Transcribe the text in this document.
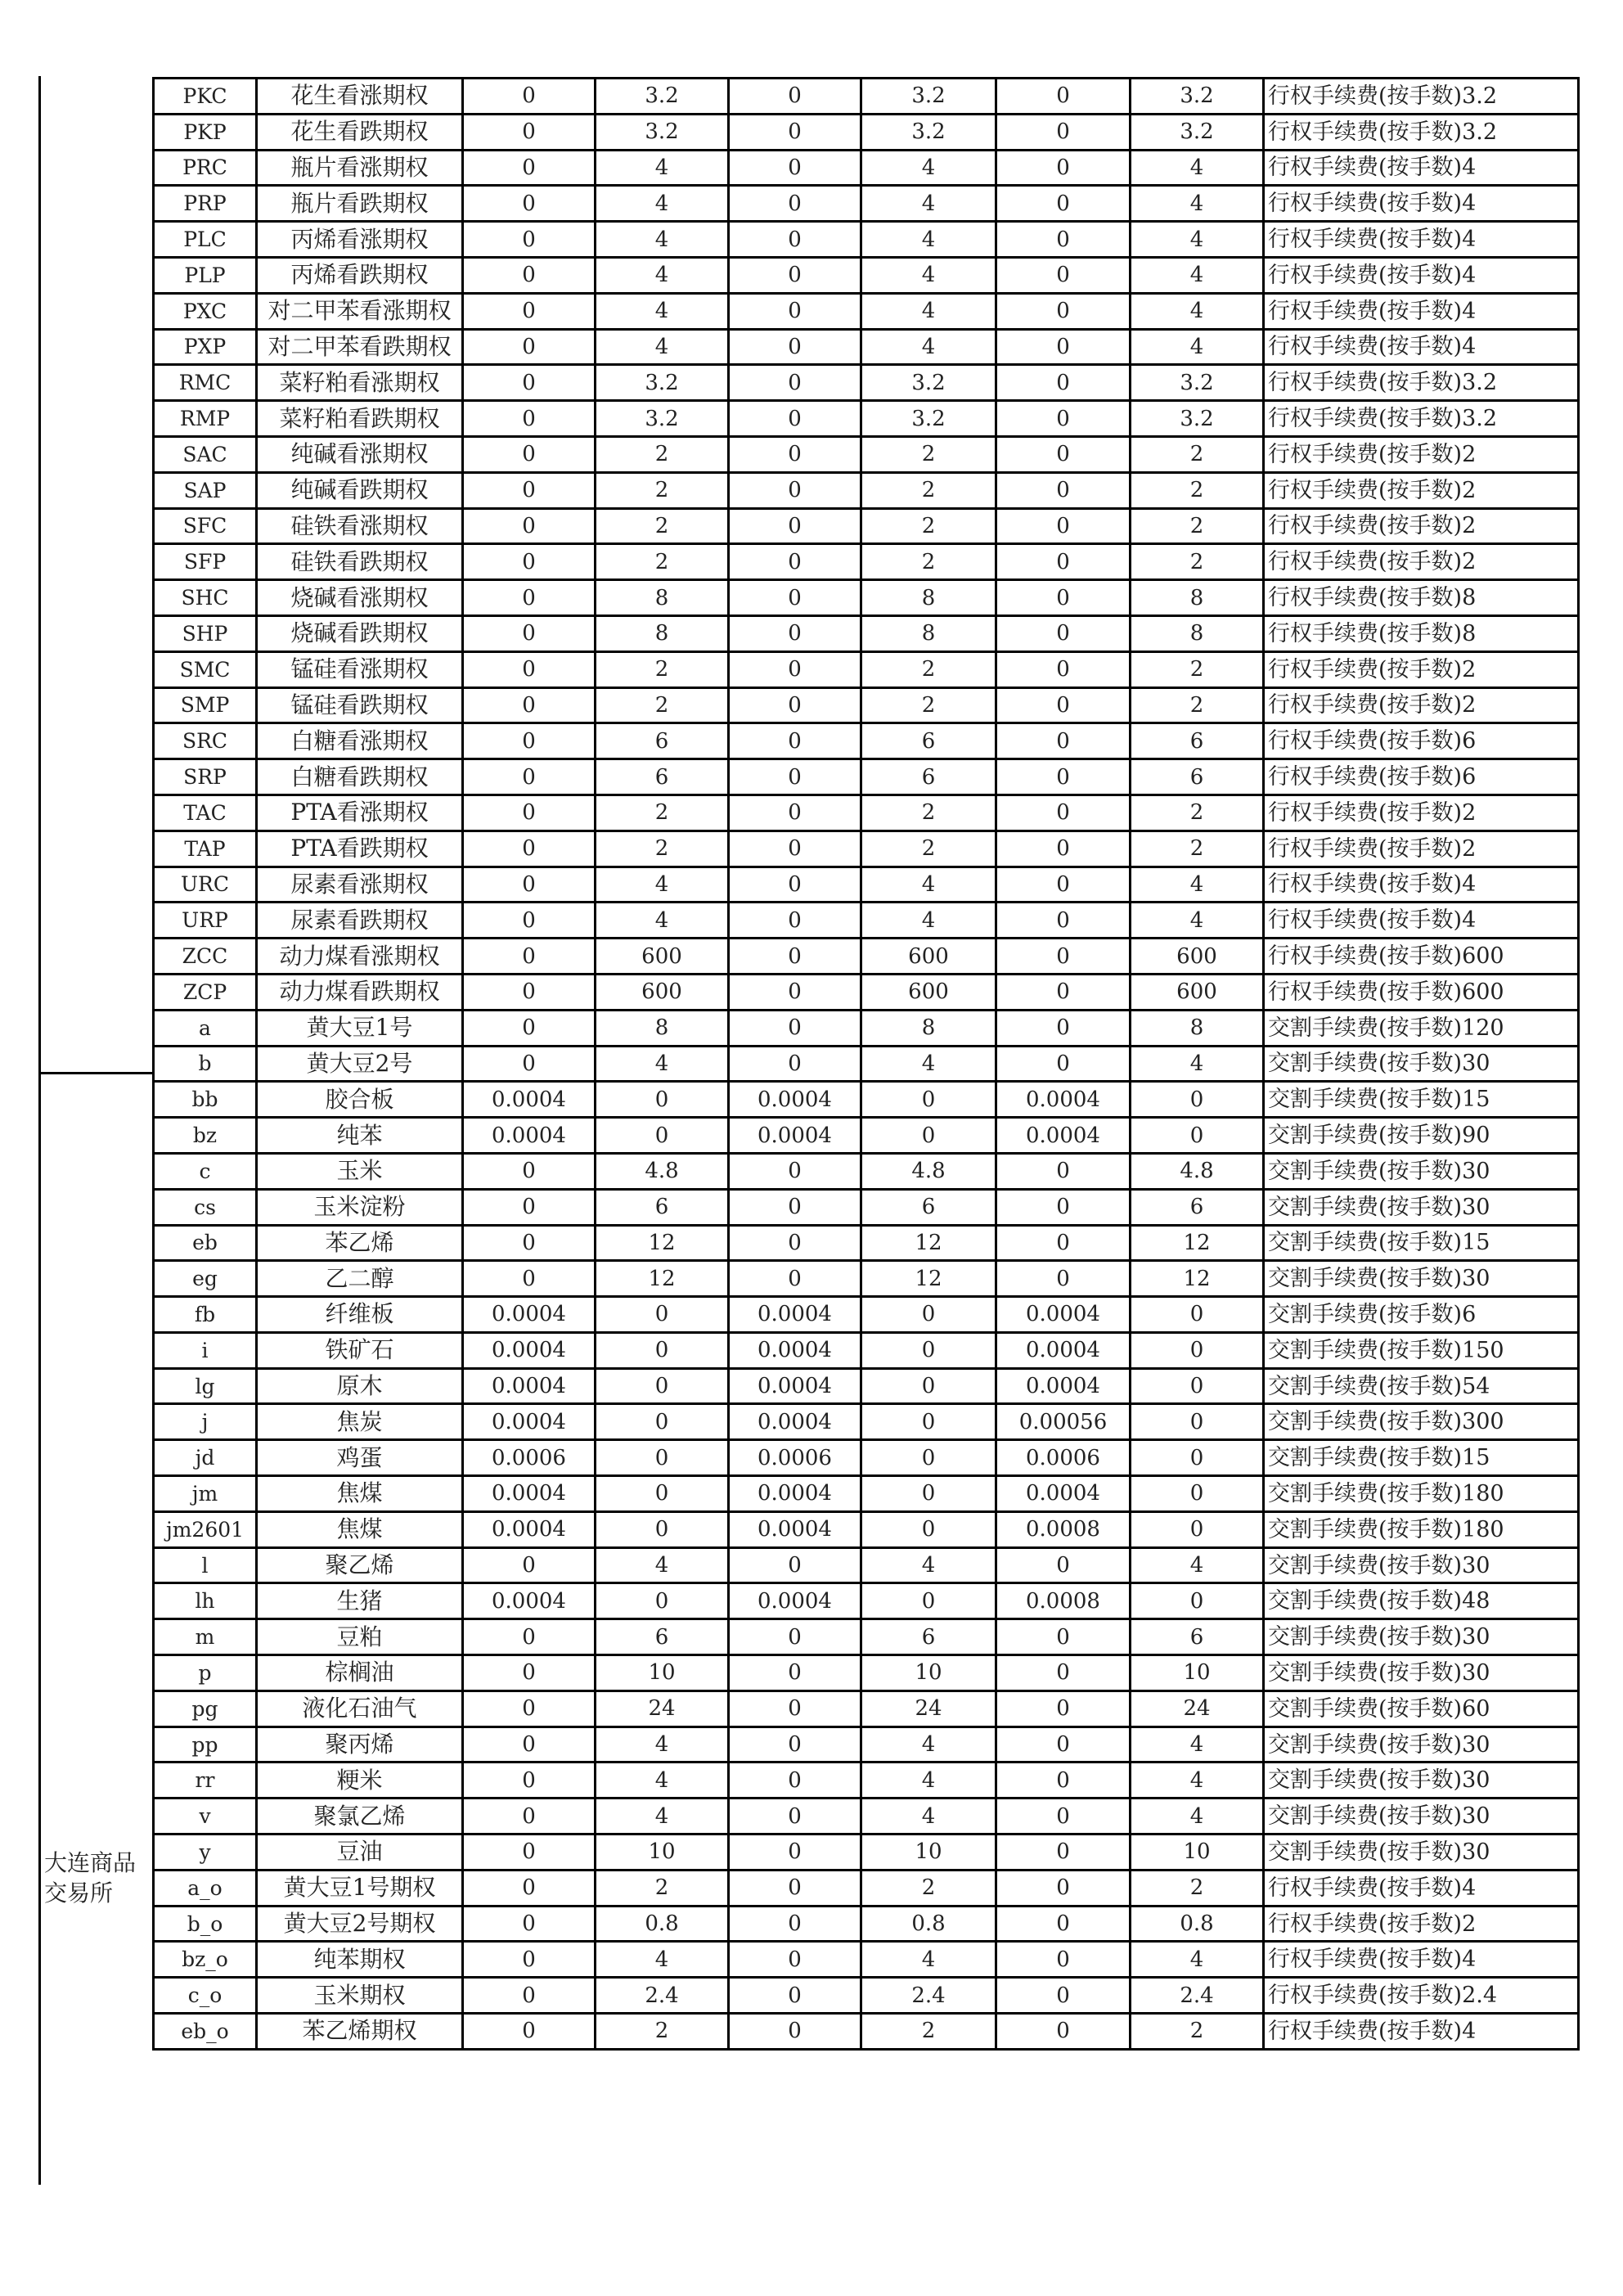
大连商品
交易所
PKC	花生看涨期权	0	3.2	0	3.2	0	3.2	行权手续费(按手数)3.2
PKP	花生看跌期权	0	3.2	0	3.2	0	3.2	行权手续费(按手数)3.2
PRC	瓶片看涨期权	0	4	0	4	0	4	行权手续费(按手数)4
PRP	瓶片看跌期权	0	4	0	4	0	4	行权手续费(按手数)4
PLC	丙烯看涨期权	0	4	0	4	0	4	行权手续费(按手数)4
PLP	丙烯看跌期权	0	4	0	4	0	4	行权手续费(按手数)4
PXC	对二甲苯看涨期权	0	4	0	4	0	4	行权手续费(按手数)4
PXP	对二甲苯看跌期权	0	4	0	4	0	4	行权手续费(按手数)4
RMC	菜籽粕看涨期权	0	3.2	0	3.2	0	3.2	行权手续费(按手数)3.2
RMP	菜籽粕看跌期权	0	3.2	0	3.2	0	3.2	行权手续费(按手数)3.2
SAC	纯碱看涨期权	0	2	0	2	0	2	行权手续费(按手数)2
SAP	纯碱看跌期权	0	2	0	2	0	2	行权手续费(按手数)2
SFC	硅铁看涨期权	0	2	0	2	0	2	行权手续费(按手数)2
SFP	硅铁看跌期权	0	2	0	2	0	2	行权手续费(按手数)2
SHC	烧碱看涨期权	0	8	0	8	0	8	行权手续费(按手数)8
SHP	烧碱看跌期权	0	8	0	8	0	8	行权手续费(按手数)8
SMC	锰硅看涨期权	0	2	0	2	0	2	行权手续费(按手数)2
SMP	锰硅看跌期权	0	2	0	2	0	2	行权手续费(按手数)2
SRC	白糖看涨期权	0	6	0	6	0	6	行权手续费(按手数)6
SRP	白糖看跌期权	0	6	0	6	0	6	行权手续费(按手数)6
TAC	PTA看涨期权	0	2	0	2	0	2	行权手续费(按手数)2
TAP	PTA看跌期权	0	2	0	2	0	2	行权手续费(按手数)2
URC	尿素看涨期权	0	4	0	4	0	4	行权手续费(按手数)4
URP	尿素看跌期权	0	4	0	4	0	4	行权手续费(按手数)4
ZCC	动力煤看涨期权	0	600	0	600	0	600	行权手续费(按手数)600
ZCP	动力煤看跌期权	0	600	0	600	0	600	行权手续费(按手数)600
a	黄大豆1号	0	8	0	8	0	8	交割手续费(按手数)120
b	黄大豆2号	0	4	0	4	0	4	交割手续费(按手数)30
bb	胶合板	0.0004	0	0.0004	0	0.0004	0	交割手续费(按手数)15
bz	纯苯	0.0004	0	0.0004	0	0.0004	0	交割手续费(按手数)90
c	玉米	0	4.8	0	4.8	0	4.8	交割手续费(按手数)30
cs	玉米淀粉	0	6	0	6	0	6	交割手续费(按手数)30
eb	苯乙烯	0	12	0	12	0	12	交割手续费(按手数)15
eg	乙二醇	0	12	0	12	0	12	交割手续费(按手数)30
fb	纤维板	0.0004	0	0.0004	0	0.0004	0	交割手续费(按手数)6
i	铁矿石	0.0004	0	0.0004	0	0.0004	0	交割手续费(按手数)150
lg	原木	0.0004	0	0.0004	0	0.0004	0	交割手续费(按手数)54
j	焦炭	0.0004	0	0.0004	0	0.00056	0	交割手续费(按手数)300
jd	鸡蛋	0.0006	0	0.0006	0	0.0006	0	交割手续费(按手数)15
jm	焦煤	0.0004	0	0.0004	0	0.0004	0	交割手续费(按手数)180
jm2601	焦煤	0.0004	0	0.0004	0	0.0008	0	交割手续费(按手数)180
l	聚乙烯	0	4	0	4	0	4	交割手续费(按手数)30
lh	生猪	0.0004	0	0.0004	0	0.0008	0	交割手续费(按手数)48
m	豆粕	0	6	0	6	0	6	交割手续费(按手数)30
p	棕榈油	0	10	0	10	0	10	交割手续费(按手数)30
pg	液化石油气	0	24	0	24	0	24	交割手续费(按手数)60
pp	聚丙烯	0	4	0	4	0	4	交割手续费(按手数)30
rr	粳米	0	4	0	4	0	4	交割手续费(按手数)30
v	聚氯乙烯	0	4	0	4	0	4	交割手续费(按手数)30
y	豆油	0	10	0	10	0	10	交割手续费(按手数)30
a_o	黄大豆1号期权	0	2	0	2	0	2	行权手续费(按手数)4
b_o	黄大豆2号期权	0	0.8	0	0.8	0	0.8	行权手续费(按手数)2
bz_o	纯苯期权	0	4	0	4	0	4	行权手续费(按手数)4
c_o	玉米期权	0	2.4	0	2.4	0	2.4	行权手续费(按手数)2.4
eb_o	苯乙烯期权	0	2	0	2	0	2	行权手续费(按手数)4
